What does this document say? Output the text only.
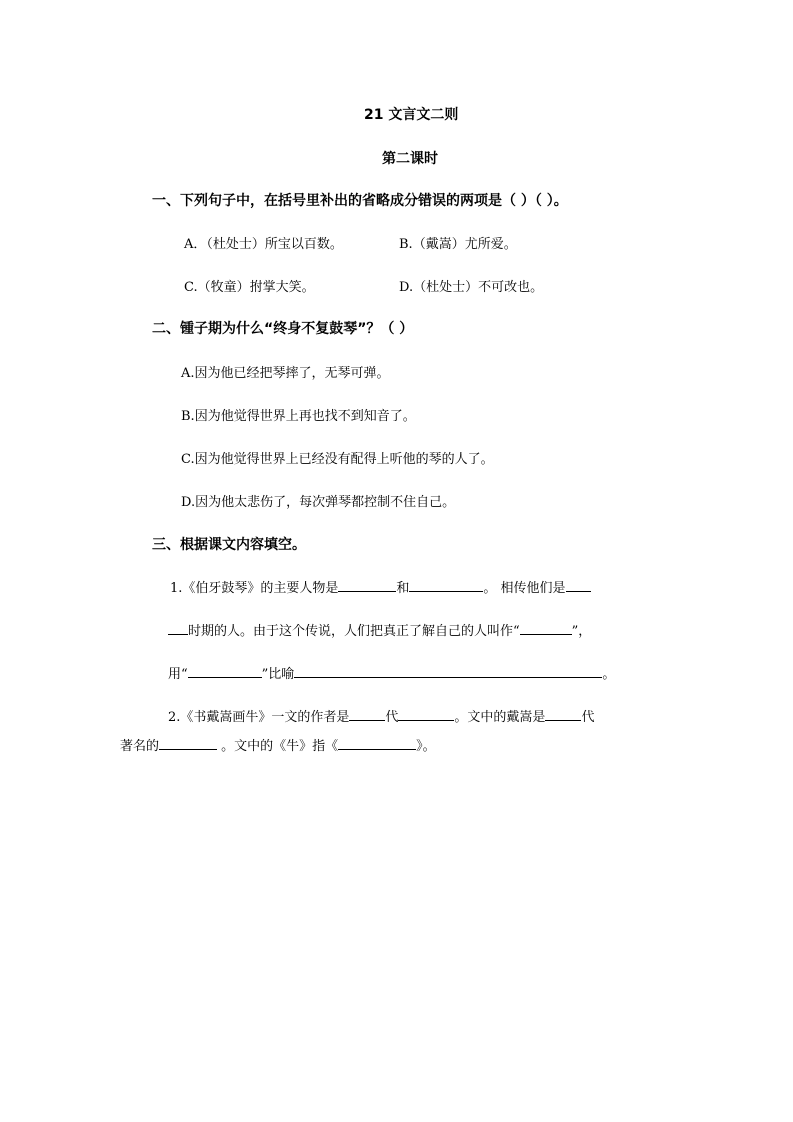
21 文言文二则
第二课时
一、下列句子中，在括号里补出的省略成分错误的两项是（ ）（ ）。
A．（杜处士）所宝以百数。	B.（戴嵩）尤所爱。
C.（牧童）拊掌大笑。	D.（杜处士）不可改也。
二、锺子期为什么“终身不复鼓琴”？（ ）
A.因为他已经把琴摔了，无琴可弹。
B.因为他觉得世界上再也找不到知音了。
C.因为他觉得世界上已经没有配得上听他的琴的人了。
D.因为他太悲伤了，每次弹琴都控制不住自己。
三、根据课文内容填空。
1.《伯牙鼓琴》的主要人物是	和	。 相传他们是
时期的人。由于这个传说，人们把真正了解自己的人叫作“	”，
用“	”比喻	。
2.《书戴嵩画牛》一文的作者是	代	。文中的戴嵩是	代
著名的	。文中的《牛》指《	》。
